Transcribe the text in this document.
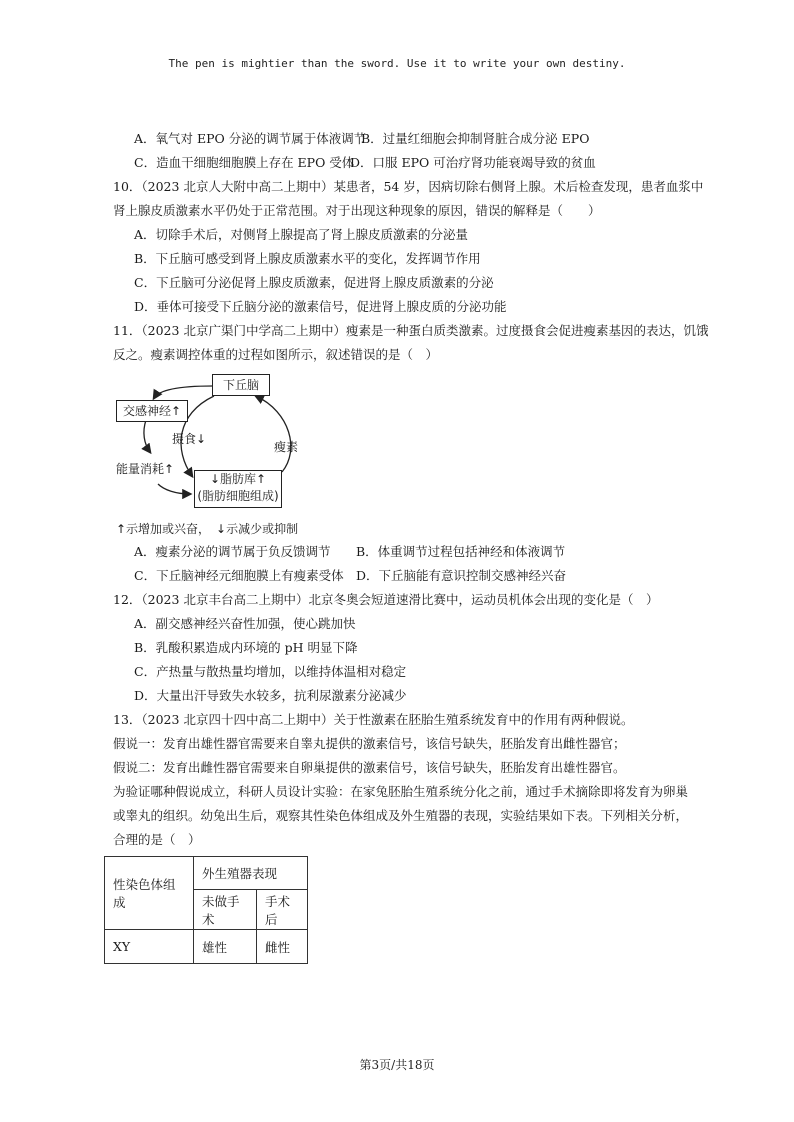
The pen is mightier than the sword. Use it to write your own destiny.
A．氧气对 EPO 分泌的调节属于体液调节
B．过量红细胞会抑制肾脏合成分泌 EPO
C．造血干细胞细胞膜上存在 EPO 受体
D．口服 EPO 可治疗肾功能衰竭导致的贫血
10．（2023 北京人大附中高二上期中）某患者，54 岁，因病切除右侧肾上腺。术后检查发现，患者血浆中
肾上腺皮质激素水平仍处于正常范围。对于出现这种现象的原因，错误的解释是（　　）
A．切除手术后，对侧肾上腺提高了肾上腺皮质激素的分泌量
B．下丘脑可感受到肾上腺皮质激素水平的变化，发挥调节作用
C．下丘脑可分泌促肾上腺皮质激素，促进肾上腺皮质激素的分泌
D．垂体可接受下丘脑分泌的激素信号，促进肾上腺皮质的分泌功能
11．（2023 北京广渠门中学高二上期中）瘦素是一种蛋白质类激素。过度摄食会促进瘦素基因的表达，饥饿
反之。瘦素调控体重的过程如图所示，叙述错误的是（　）
下丘脑
交感神经↑
摄食↓
瘦素
能量消耗↑
↓脂肪库↑
(脂肪细胞组成)
↑示增加或兴奋，　↓示减少或抑制
A．瘦素分泌的调节属于负反馈调节 B．体重调节过程包括神经和体液调节
C．下丘脑神经元细胞膜上有瘦素受体 D．下丘脑能有意识控制交感神经兴奋
12．（2023 北京丰台高二上期中）北京冬奥会短道速滑比赛中，运动员机体会出现的变化是（　）
A．副交感神经兴奋性加强，使心跳加快
B．乳酸积累造成内环境的 pH 明显下降
C．产热量与散热量均增加，以维持体温相对稳定
D．大量出汗导致失水较多，抗利尿激素分泌减少
13．（2023 北京四十四中高二上期中）关于性激素在胚胎生殖系统发育中的作用有两种假说。
假说一：发育出雄性器官需要来自睾丸提供的激素信号，该信号缺失，胚胎发育出雌性器官；
假说二：发育出雌性器官需要来自卵巢提供的激素信号，该信号缺失，胚胎发育出雄性器官。
为验证哪种假说成立，科研人员设计实验：在家兔胚胎生殖系统分化之前，通过手术摘除即将发育为卵巢
或睾丸的组织。幼兔出生后，观察其性染色体组成及外生殖器的表现，实验结果如下表。下列相关分析，
合理的是（　）
性染色体组成	外生殖器表现	
	未做手术	手术后
XY	雄性	雌性
第3页/共18页
